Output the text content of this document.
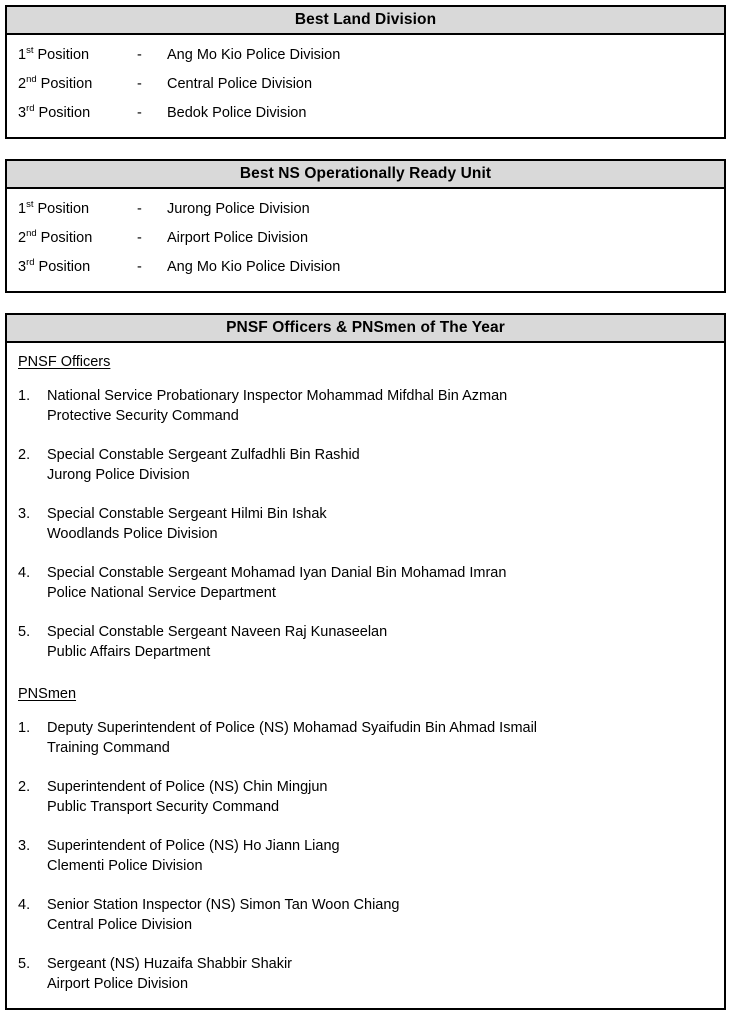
Best Land Division
1st Position	-	Ang Mo Kio Police Division
2nd Position	-	Central Police Division
3rd Position	-	Bedok Police Division
Best NS Operationally Ready Unit
1st Position	-	Jurong Police Division
2nd Position	-	Airport Police Division
3rd Position	-	Ang Mo Kio Police Division
PNSF Officers & PNSmen of The Year
PNSF Officers
1.	National Service Probationary Inspector Mohammad Mifdhal Bin Azman
Protective Security Command
2.	Special Constable Sergeant Zulfadhli Bin Rashid
Jurong Police Division
3.	Special Constable Sergeant Hilmi Bin Ishak
Woodlands Police Division
4.	Special Constable Sergeant Mohamad Iyan Danial Bin Mohamad Imran
Police National Service Department
5.	Special Constable Sergeant Naveen Raj Kunaseelan
Public Affairs Department
PNSmen
1.	Deputy Superintendent of Police (NS) Mohamad Syaifudin Bin Ahmad Ismail
Training Command
2.	Superintendent of Police (NS) Chin Mingjun
Public Transport Security Command
3.	Superintendent of Police (NS) Ho Jiann Liang
Clementi Police Division
4.	Senior Station Inspector (NS) Simon Tan Woon Chiang
Central Police Division
5.	Sergeant (NS) Huzaifa Shabbir Shakir
Airport Police Division
